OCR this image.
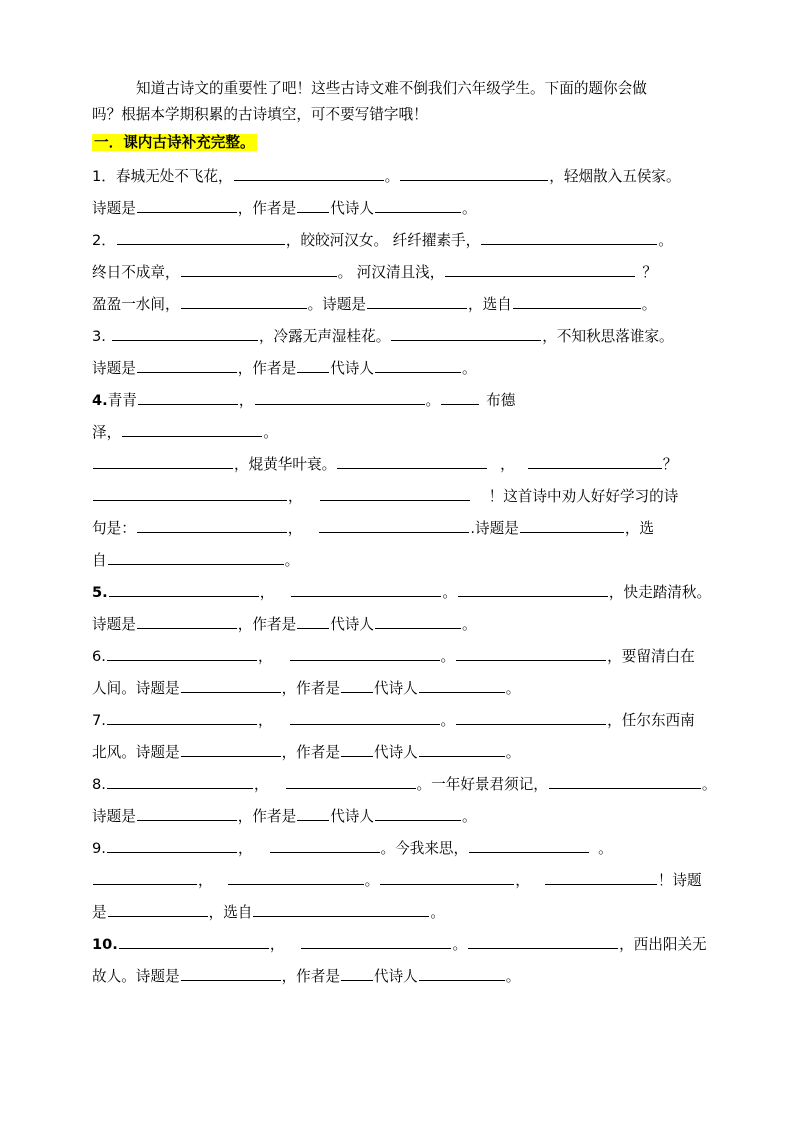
知道古诗文的重要性了吧！这些古诗文难不倒我们六年级学生。下面的题你会做
吗？根据本学期积累的古诗填空，可不要写错字哦！
一．课内古诗补充完整。
1．春城无处不飞花，	。	，轻烟散入五侯家。
诗题是	，作者是 代诗人	。
2．	，皎皎河汉女。 纤纤擢素手，	。
终日不成章，	。 河汉清且浅，	？
盈盈一水间，	。诗题是	，选自	。
3.	，冷露无声湿桂花。	，不知秋思落谁家。
诗题是	，作者是 代诗人	。
4.青青	，	。	布德
泽，	。
，焜黄华叶衰。	，	？
，	！这首诗中劝人好好学习的诗
句是：	，	.诗题是	，选
自	。
5.	，	。	，快走踏清秋。
诗题是	，作者是 代诗人	。
6.	，	。	，要留清白在
人间。诗题是	，作者是 代诗人	。
7.	，	。	，任尔东西南
北风。诗题是	，作者是 代诗人	。
8.	，	。一年好景君须记，	。
诗题是	，作者是 代诗人	。
9.	，	。今我来思，	。
，	。	，	！诗题
是	，选自	。
10.	，	。	，西出阳关无
故人。诗题是	，作者是 代诗人	。
